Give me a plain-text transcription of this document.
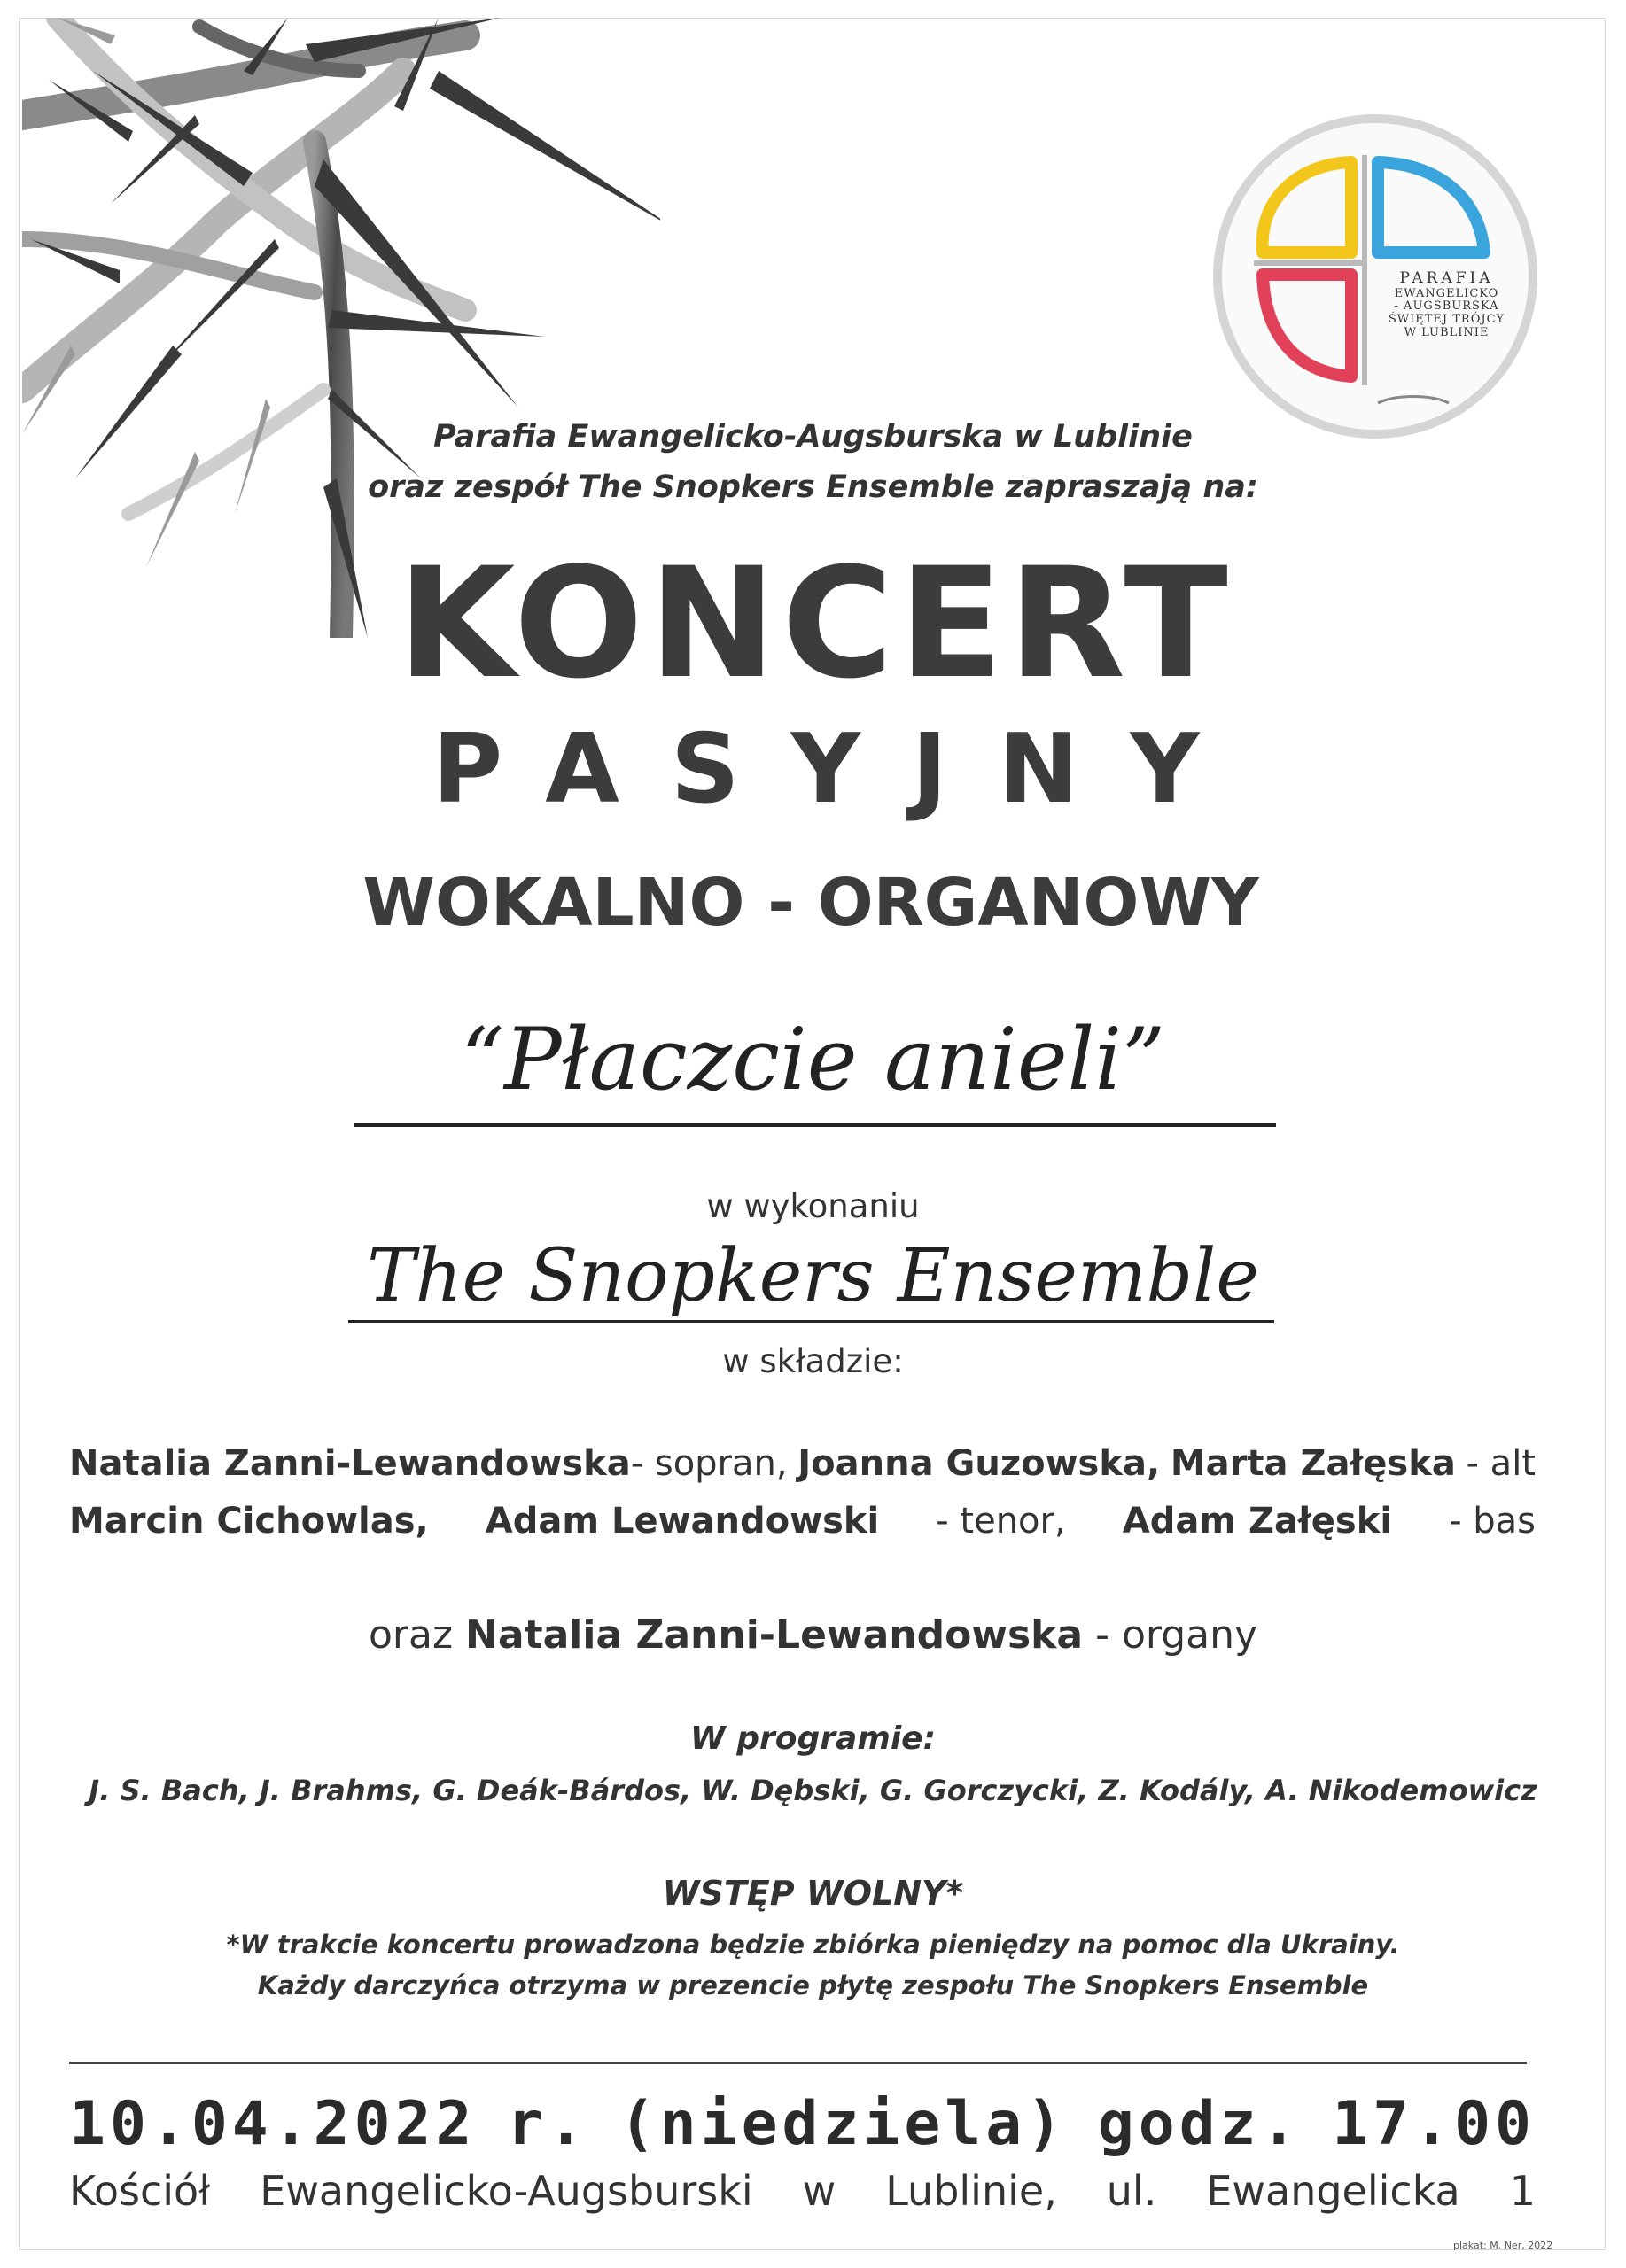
PARAFIA
EWANGELICKO
- AUGSBURSKA
ŚWIĘTEJ TRÓJCY
W LUBLINIE
Parafia Ewangelicko-Augsburska w Lublinie
oraz zespół The Snopkers Ensemble zapraszają na:
KONCERT
PASYJNY
WOKALNO - ORGANOWY
“Płaczcie anieli”
w wykonaniu
The Snopkers Ensemble
w składzie:
Natalia Zanni-Lewandowska- sopran, Joanna Guzowska, Marta Załęska - alt
Marcin Cichowlas, Adam Lewandowski - tenor, Adam Załęski - bas
oraz Natalia Zanni-Lewandowska - organy
W programie:
J. S. Bach, J. Brahms, G. Deák-Bárdos, W. Dębski, G. Gorczycki, Z. Kodály, A. Nikodemowicz
WSTĘP WOLNY*
*W trakcie koncertu prowadzona będzie zbiórka pieniędzy na pomoc dla Ukrainy.
Każdy darczyńca otrzyma w prezencie płytę zespołu The Snopkers Ensemble
10.04.2022 r. (niedziela) godz. 17.00
Kościół Ewangelicko-Augsburski w Lublinie, ul. Ewangelicka 1
plakat: M. Ner, 2022
